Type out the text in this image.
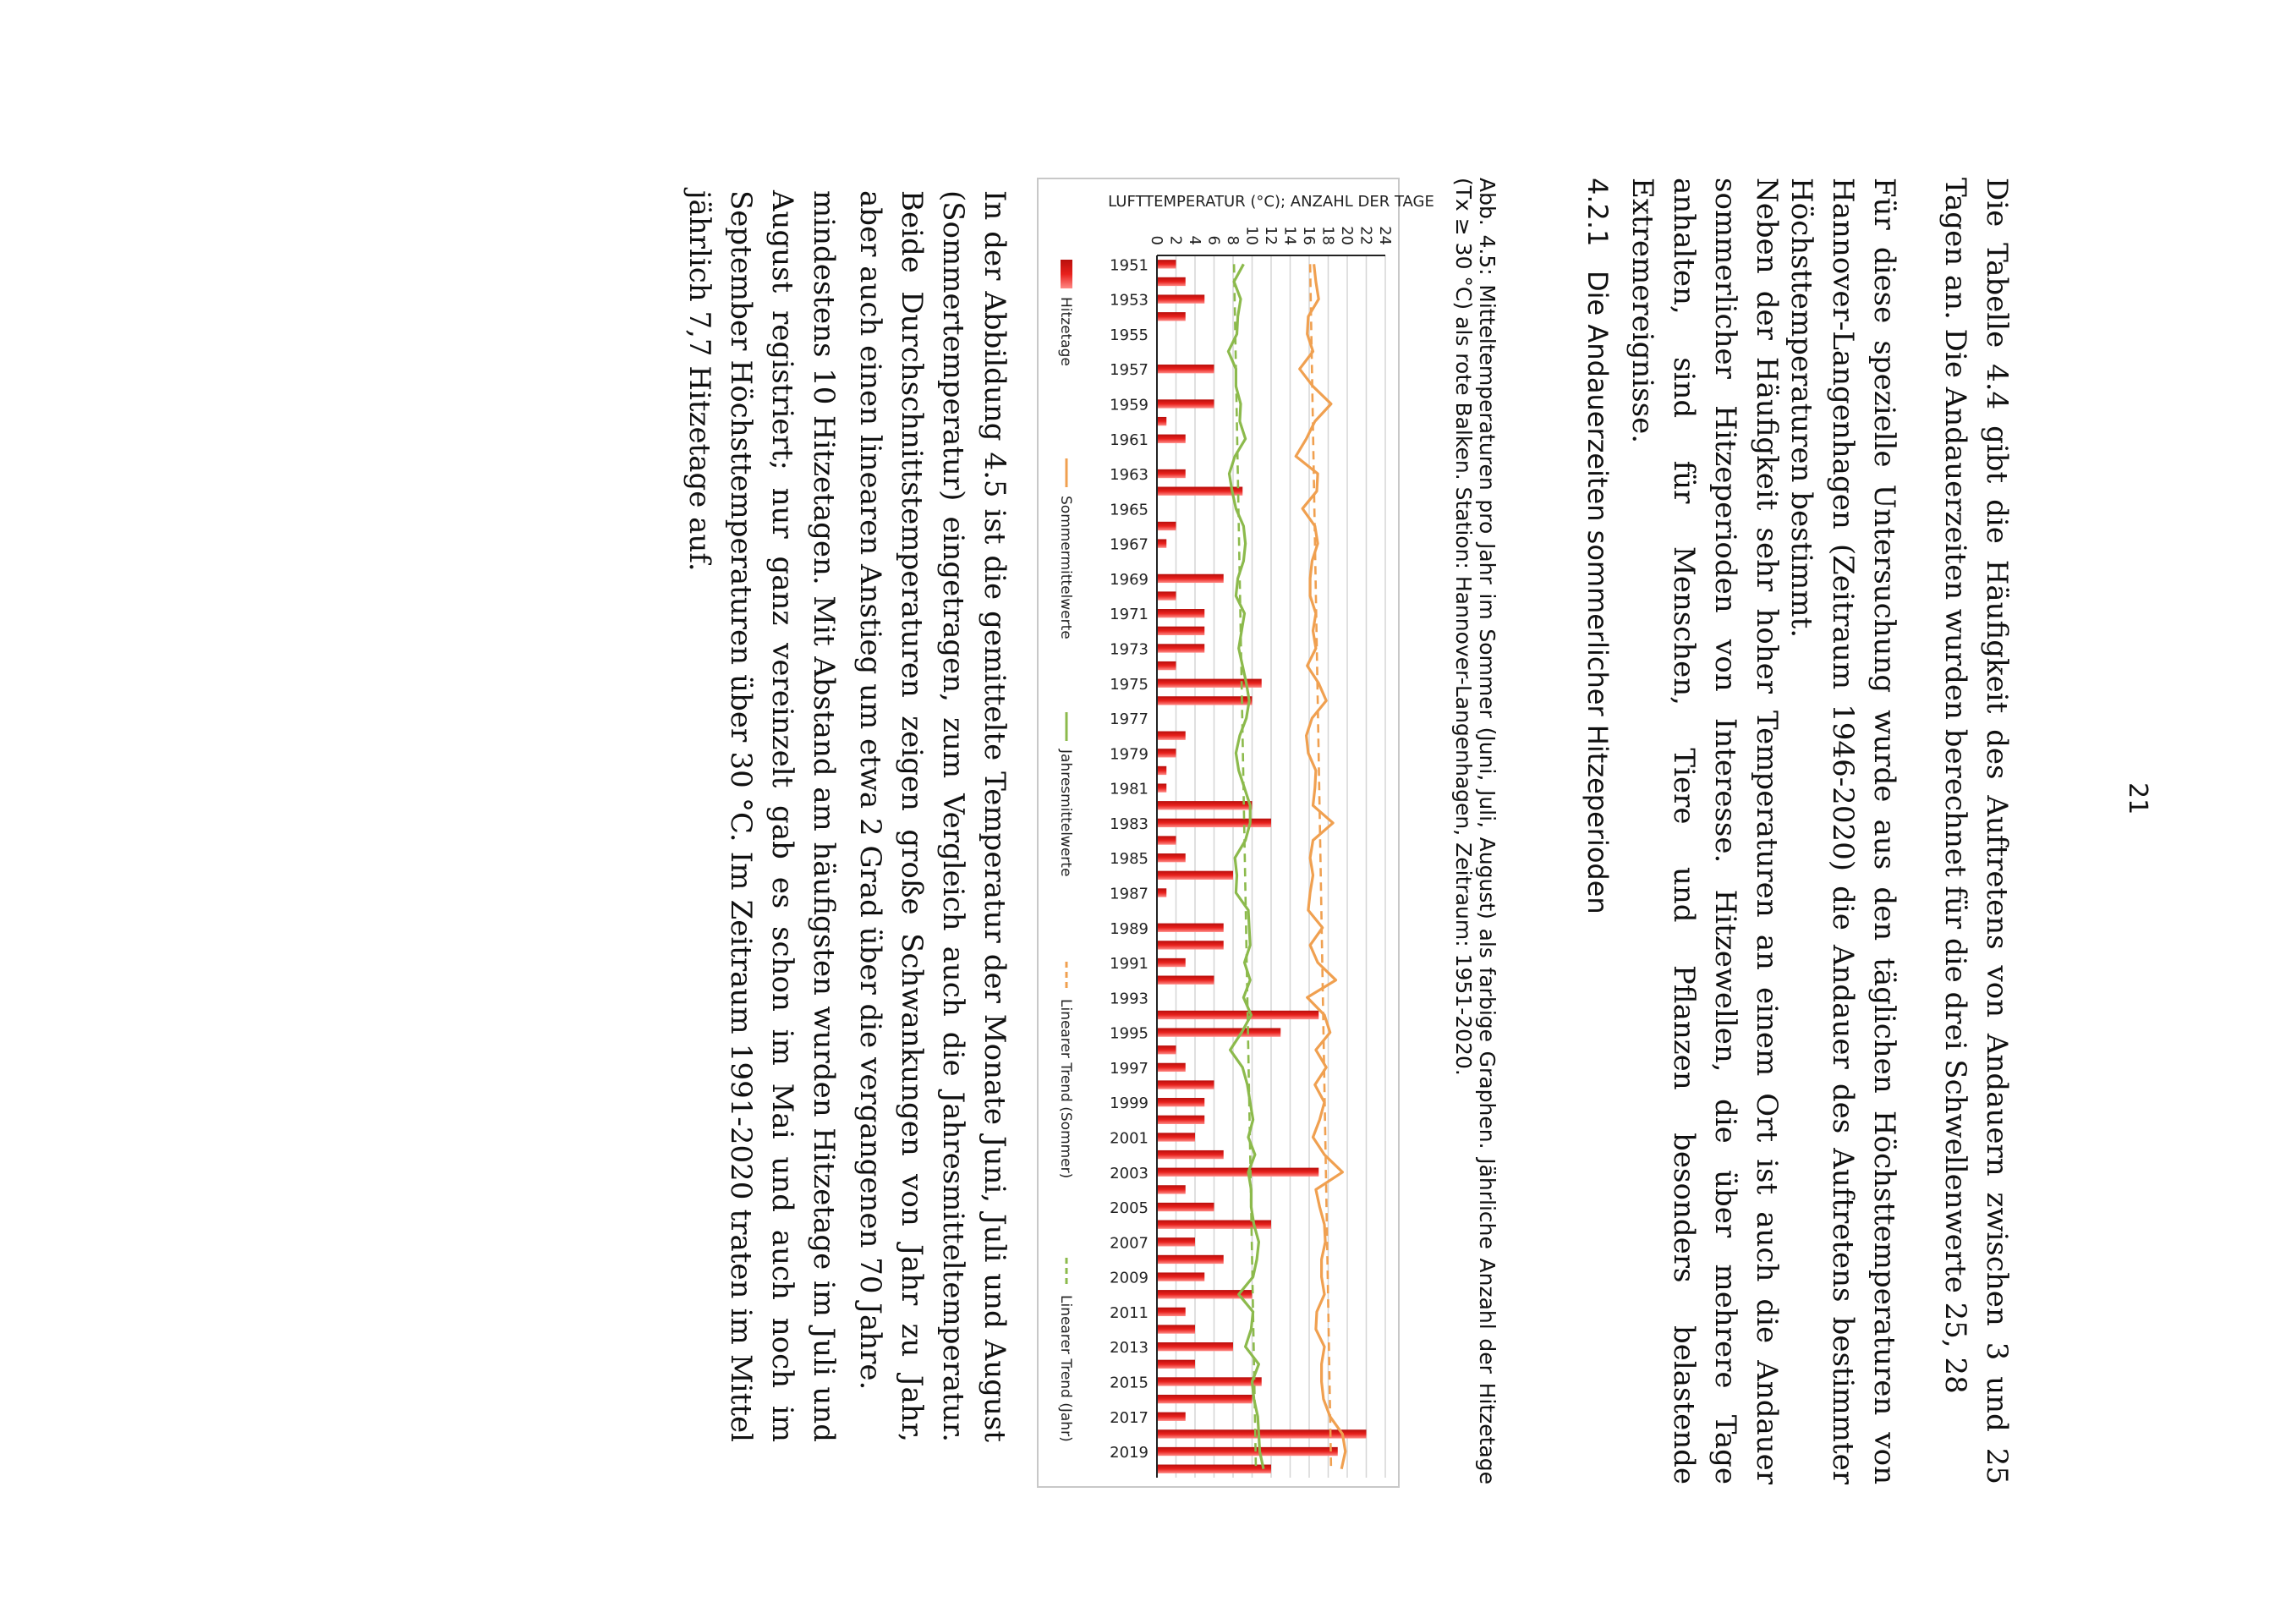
mindestens 10 Hitzetagen. Mit Abstand am häufigsten wurden Hitzetage im Juli und August registriert; nur ganz vereinzelt gab es schon im Mai und auch noch im September Höchsttemperaturen über 30 °C. Im Zeitraum 1991-2020 traten im Mittel jährlich 7,7 Hitzetage auf.	In der Abbildung 4.5 ist die gemittelte Temperatur der Monate Juni, Juli und August (Sommertemperatur) eingetragen, zum Vergleich auch die Jahresmitteltemperatur. Beide Durchschnittstemperaturen zeigen große Schwankungen von Jahr zu Jahr, aber auch einen linearen Anstieg um etwa 2 Grad über die vergangenen 70 Jahre.	0 2 4 6 8 10 12 14 16 18 20 22 24
1951
1953
1955
1957
1959
1961
1963
1965
1967
1969
1971
1973
1975
1977
1979
1981
1983
1985
1987
1989
1991
1993
1995
1997
1999
2001
2003
2005
2007
2009
2011
2013
2015
2017
2019
LUFTTEMPERATUR (°C); ANZAHL DER TAGE
Hitzetage
Sommermittelwerte
Jahresmittelwerte
Linearer Trend (Sommer)
Linearer Trend (Jahr)	Abb. 4.5: Mitteltemperaturen pro Jahr im Sommer (Juni, Juli, August) als farbige Graphen. Jährliche Anzahl der Hitzetage (Tx ≥ 30 °C) als rote Balken. Station: Hannover-Langenhagen, Zeitraum: 1951-2020.	4.2.1Die Andauerzeiten sommerlicher Hitzeperioden	Neben der Häufigkeit sehr hoher Temperaturen an einem Ort ist auch die Andauer sommerlicher Hitzeperioden von Interesse. Hitzewellen, die über mehrere Tage anhalten, sind für Menschen, Tiere und Pflanzen besonders belastende Extremereignisse.	Für diese spezielle Untersuchung wurde aus den täglichen Höchsttemperaturen von Hannover-Langenhagen (Zeitraum 1946-2020) die Andauer des Auftretens bestimmter Höchsttemperaturen bestimmt.	Die Tabelle 4.4 gibt die Häufigkeit des Auftretens von Andauern zwischen 3 und 25 Tagen an. Die Andauerzeiten wurden berechnet für die drei Schwellenwerte 25, 28	21
